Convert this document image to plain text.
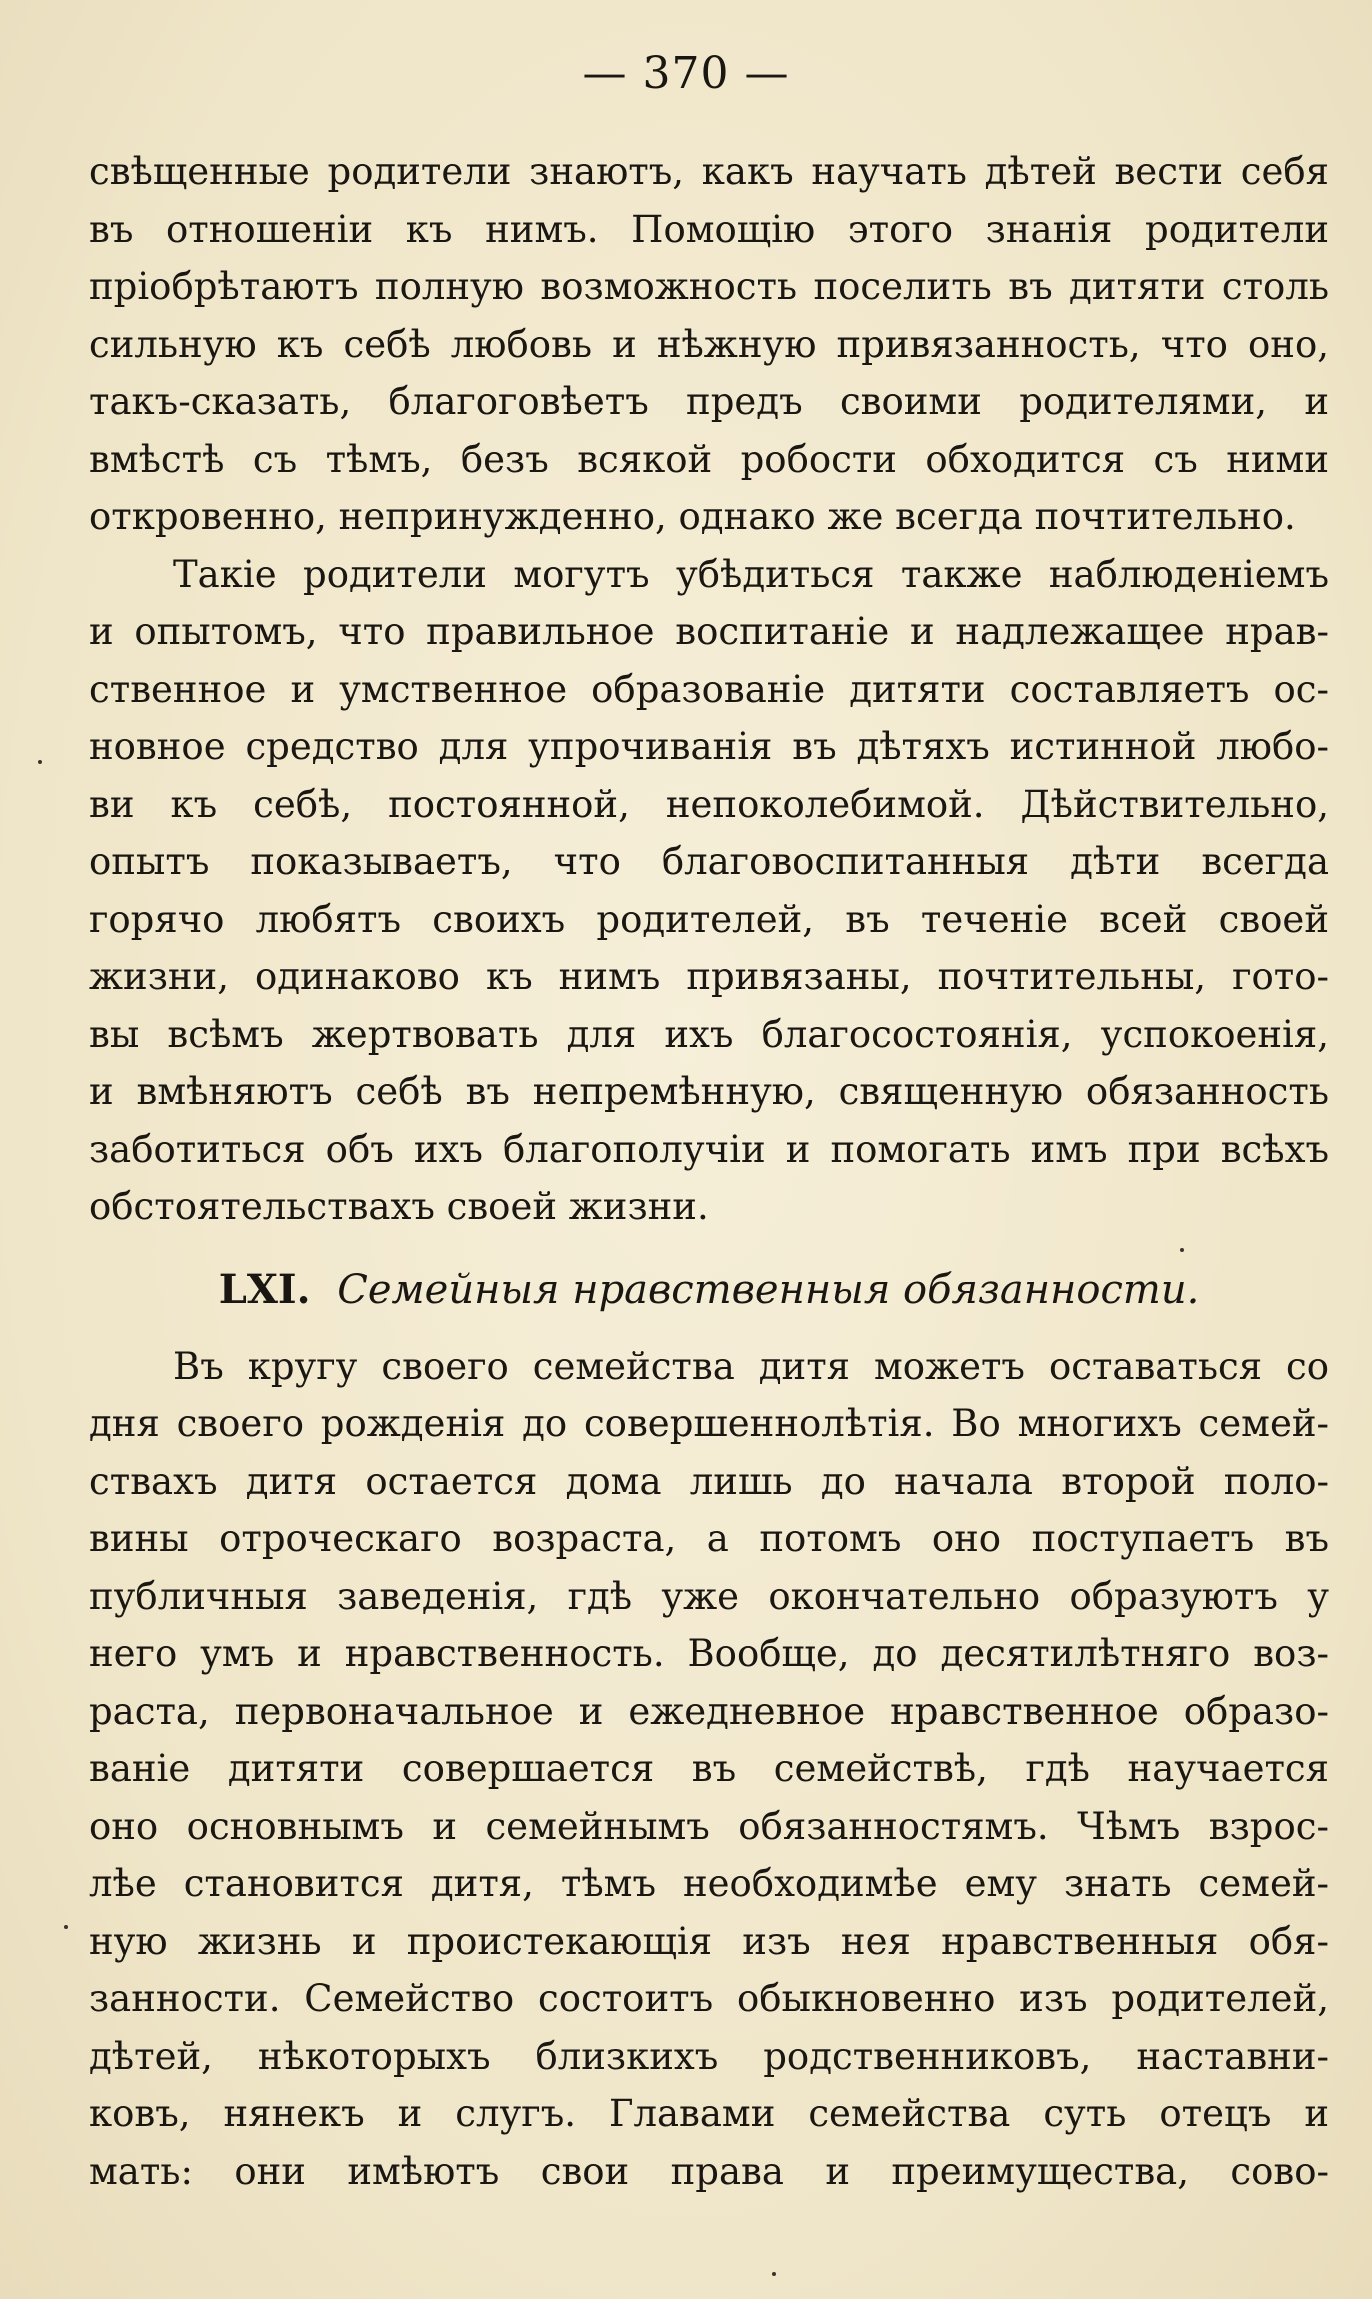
— 370 —
свѣщенные родители знаютъ, какъ научать дѣтей вести себя
въ отношеніи къ нимъ. Помощію этого знанія родители
пріобрѣтаютъ полную возможность поселить въ дитяти столь
сильную къ себѣ любовь и нѣжную привязанность, что оно,
такъ-сказать, благоговѣетъ предъ своими родителями, и
вмѣстѣ съ тѣмъ, безъ всякой робости обходится съ ними
откровенно, непринужденно, однако же всегда почтительно.
Такіе родители могутъ убѣдиться также наблюденіемъ
и опытомъ, что правильное воспитаніе и надлежащее нрав-
ственное и умственное образованіе дитяти составляетъ ос-
новное средство для упрочиванія въ дѣтяхъ истинной любо-
ви къ себѣ, постоянной, непоколебимой. Дѣйствительно,
опытъ показываетъ, что благовоспитанныя дѣти всегда
горячо любятъ своихъ родителей, въ теченіе всей своей
жизни, одинаково къ нимъ привязаны, почтительны, гото-
вы всѣмъ жертвовать для ихъ благосостоянія, успокоенія,
и вмѣняютъ себѣ въ непремѣнную, священную обязанность
заботиться объ ихъ благополучіи и помогать имъ при всѣхъ
обстоятельствахъ своей жизни.
LXI. Семейныя нравственныя обязанности.
Въ кругу своего семейства дитя можетъ оставаться со
дня своего рожденія до совершеннолѣтія. Во многихъ семей-
ствахъ дитя остается дома лишь до начала второй поло-
вины отроческаго возраста, а потомъ оно поступаетъ въ
публичныя заведенія, гдѣ уже окончательно образуютъ у
него умъ и нравственность. Вообще, до десятилѣтняго воз-
раста, первоначальное и ежедневное нравственное образо-
ваніе дитяти совершается въ семействѣ, гдѣ научается
оно основнымъ и семейнымъ обязанностямъ. Чѣмъ взрос-
лѣе становится дитя, тѣмъ необходимѣе ему знать семей-
ную жизнь и проистекающія изъ нея нравственныя обя-
занности. Семейство состоитъ обыкновенно изъ родителей,
дѣтей, нѣкоторыхъ близкихъ родственниковъ, наставни-
ковъ, нянекъ и слугъ. Главами семейства суть отецъ и
мать: они имѣютъ свои права и преимущества, сово-
